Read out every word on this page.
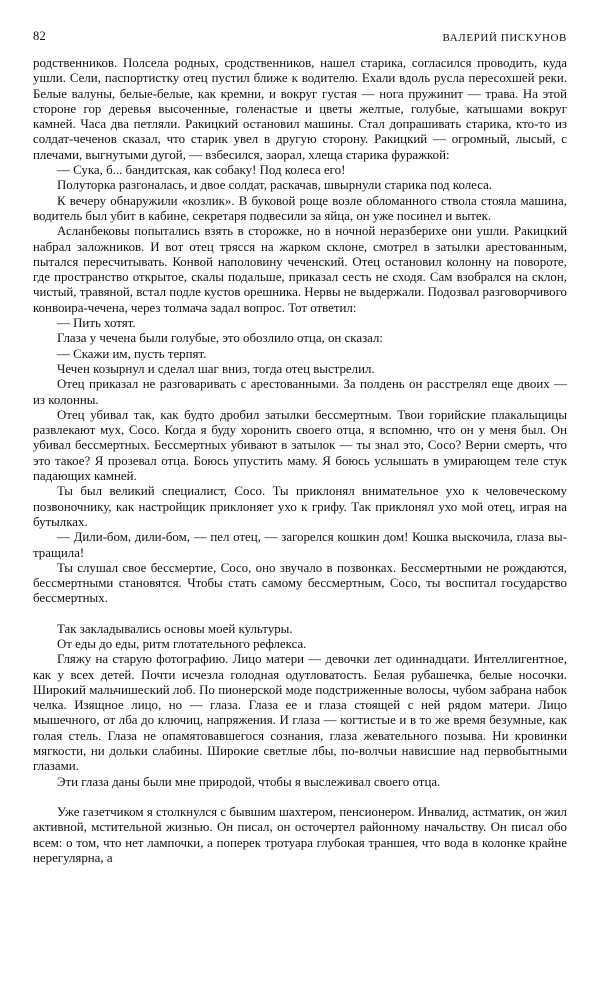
82	ВАЛЕРИЙ ПИСКУНОВ

родственников. Полсела родных, сродственников, нашел старика, согласился проводить, куда ушли. Сели, паспортистку отец пустил ближе к водителю. Ехали вдоль русла пересохшей реки. Белые валуны, белые-белые, как кремни, и вокруг густая — нога пружинит — трава. На этой стороне гор деревья высоченные, голенастые и цветы желтые, голубые, катышами вокруг камней. Часа два петляли. Ракицкий остановил машины. Стал допрашивать старика, кто-то из солдат-чеченов сказал, что старик увел в другую сторону. Ракицкий — огромный, лысый, с плечами, выгнутыми дугой, — взбесился, заорал, хлеща старика фуражкой:

— Сука, б... бандитская, как собаку! Под колеса его!

Полуторка разгоналась, и двое солдат, раскачав, швырнули старика под колеса.

К вечеру обнаружили «козлик». В буковой роще возле обломанного ствола стояла машина, водитель был убит в кабине, секретаря подвесили за яйца, он уже посинел и вытек.

Асланбековы попытались взять в сторожке, но в ночной неразберихе они ушли. Ракицкий набрал заложников. И вот отец трясся на жарком склоне, смотрел в затылки арестованным, пытался пересчитывать. Конвой наполовину чеченский. Отец остановил колонну на повороте, где пространство открытое, скалы подальше, приказал сесть не сходя. Сам взобрался на склон, чистый, травяной, встал подле кустов орешника. Нервы не выдержали. Подозвал разговорчивого конвоира-чечена, через толмача задал вопрос. Тот ответил:

— Пить хотят.

Глаза у чечена были голубые, это обозлило отца, он сказал:

— Скажи им, пусть терпят.

Чечен козырнул и сделал шаг вниз, тогда отец выстрелил.

Отец приказал не разговаривать с арестованными. За полдень он расстрелял еще двоих — из колонны.

Отец убивал так, как будто дробил затылки бессмертным. Твои горийские плакальщицы развлекают мух, Сосо. Когда я буду хоронить своего отца, я вспомню, что он у меня был. Он убивал бессмертных. Бессмертных убивают в затылок — ты знал это, Сосо? Верни смерть, что это такое? Я прозевал отца. Боюсь упустить маму. Я боюсь услышать в умирающем теле стук падающих камней.

Ты был великий специалист, Сосо. Ты приклонял внимательное ухо к человеческому позвоночнику, как настройщик приклоняет ухо к грифу. Так приклонял ухо мой отец, играя на бутылках.

— Дили-бом, дили-бом, — пел отец, — загорелся кошкин дом! Кошка выскочила, глаза вы-тращила!

Ты слушал свое бессмертие, Сосо, оно звучало в позвонках. Бессмертными не рождаются, бессмертными становятся. Чтобы стать самому бессмертным, Сосо, ты воспитал государство бессмертных.

Так закладывались основы моей культуры.

От еды до еды, ритм глотательного рефлекса.

Гляжу на старую фотографию. Лицо матери — девочки лет одиннадцати. Интеллигентное, как у всех детей. Почти исчезла голодная одутловатость. Белая рубашечка, белые носочки. Широкий мальчишеский лоб. По пионерской моде подстриженные волосы, чубом забрана набок челка. Изящное лицо, но — глаза. Глаза ее и глаза стоящей с ней рядом матери. Лицо мышечного, от лба до ключиц, напряжения. И глаза — когтистые и в то же время безумные, как голая стель. Глаза не опамятовавшегося сознания, глаза жевательного позыва. Ни кровинки мягкости, ни дольки слабины. Широкие светлые лбы, по-волчьи нависшие над первобытными глазами.

Эти глаза даны были мне природой, чтобы я выслеживал своего отца.

Уже газетчиком я столкнулся с бывшим шахтером, пенсионером. Инвалид, астматик, он жил активной, мстительной жизнью. Он писал, он осточертел районному начальству. Он писал обо всем: о том, что нет лампочки, а поперек тротуара глубокая траншея, что вода в колонке крайне нерегулярна, а
